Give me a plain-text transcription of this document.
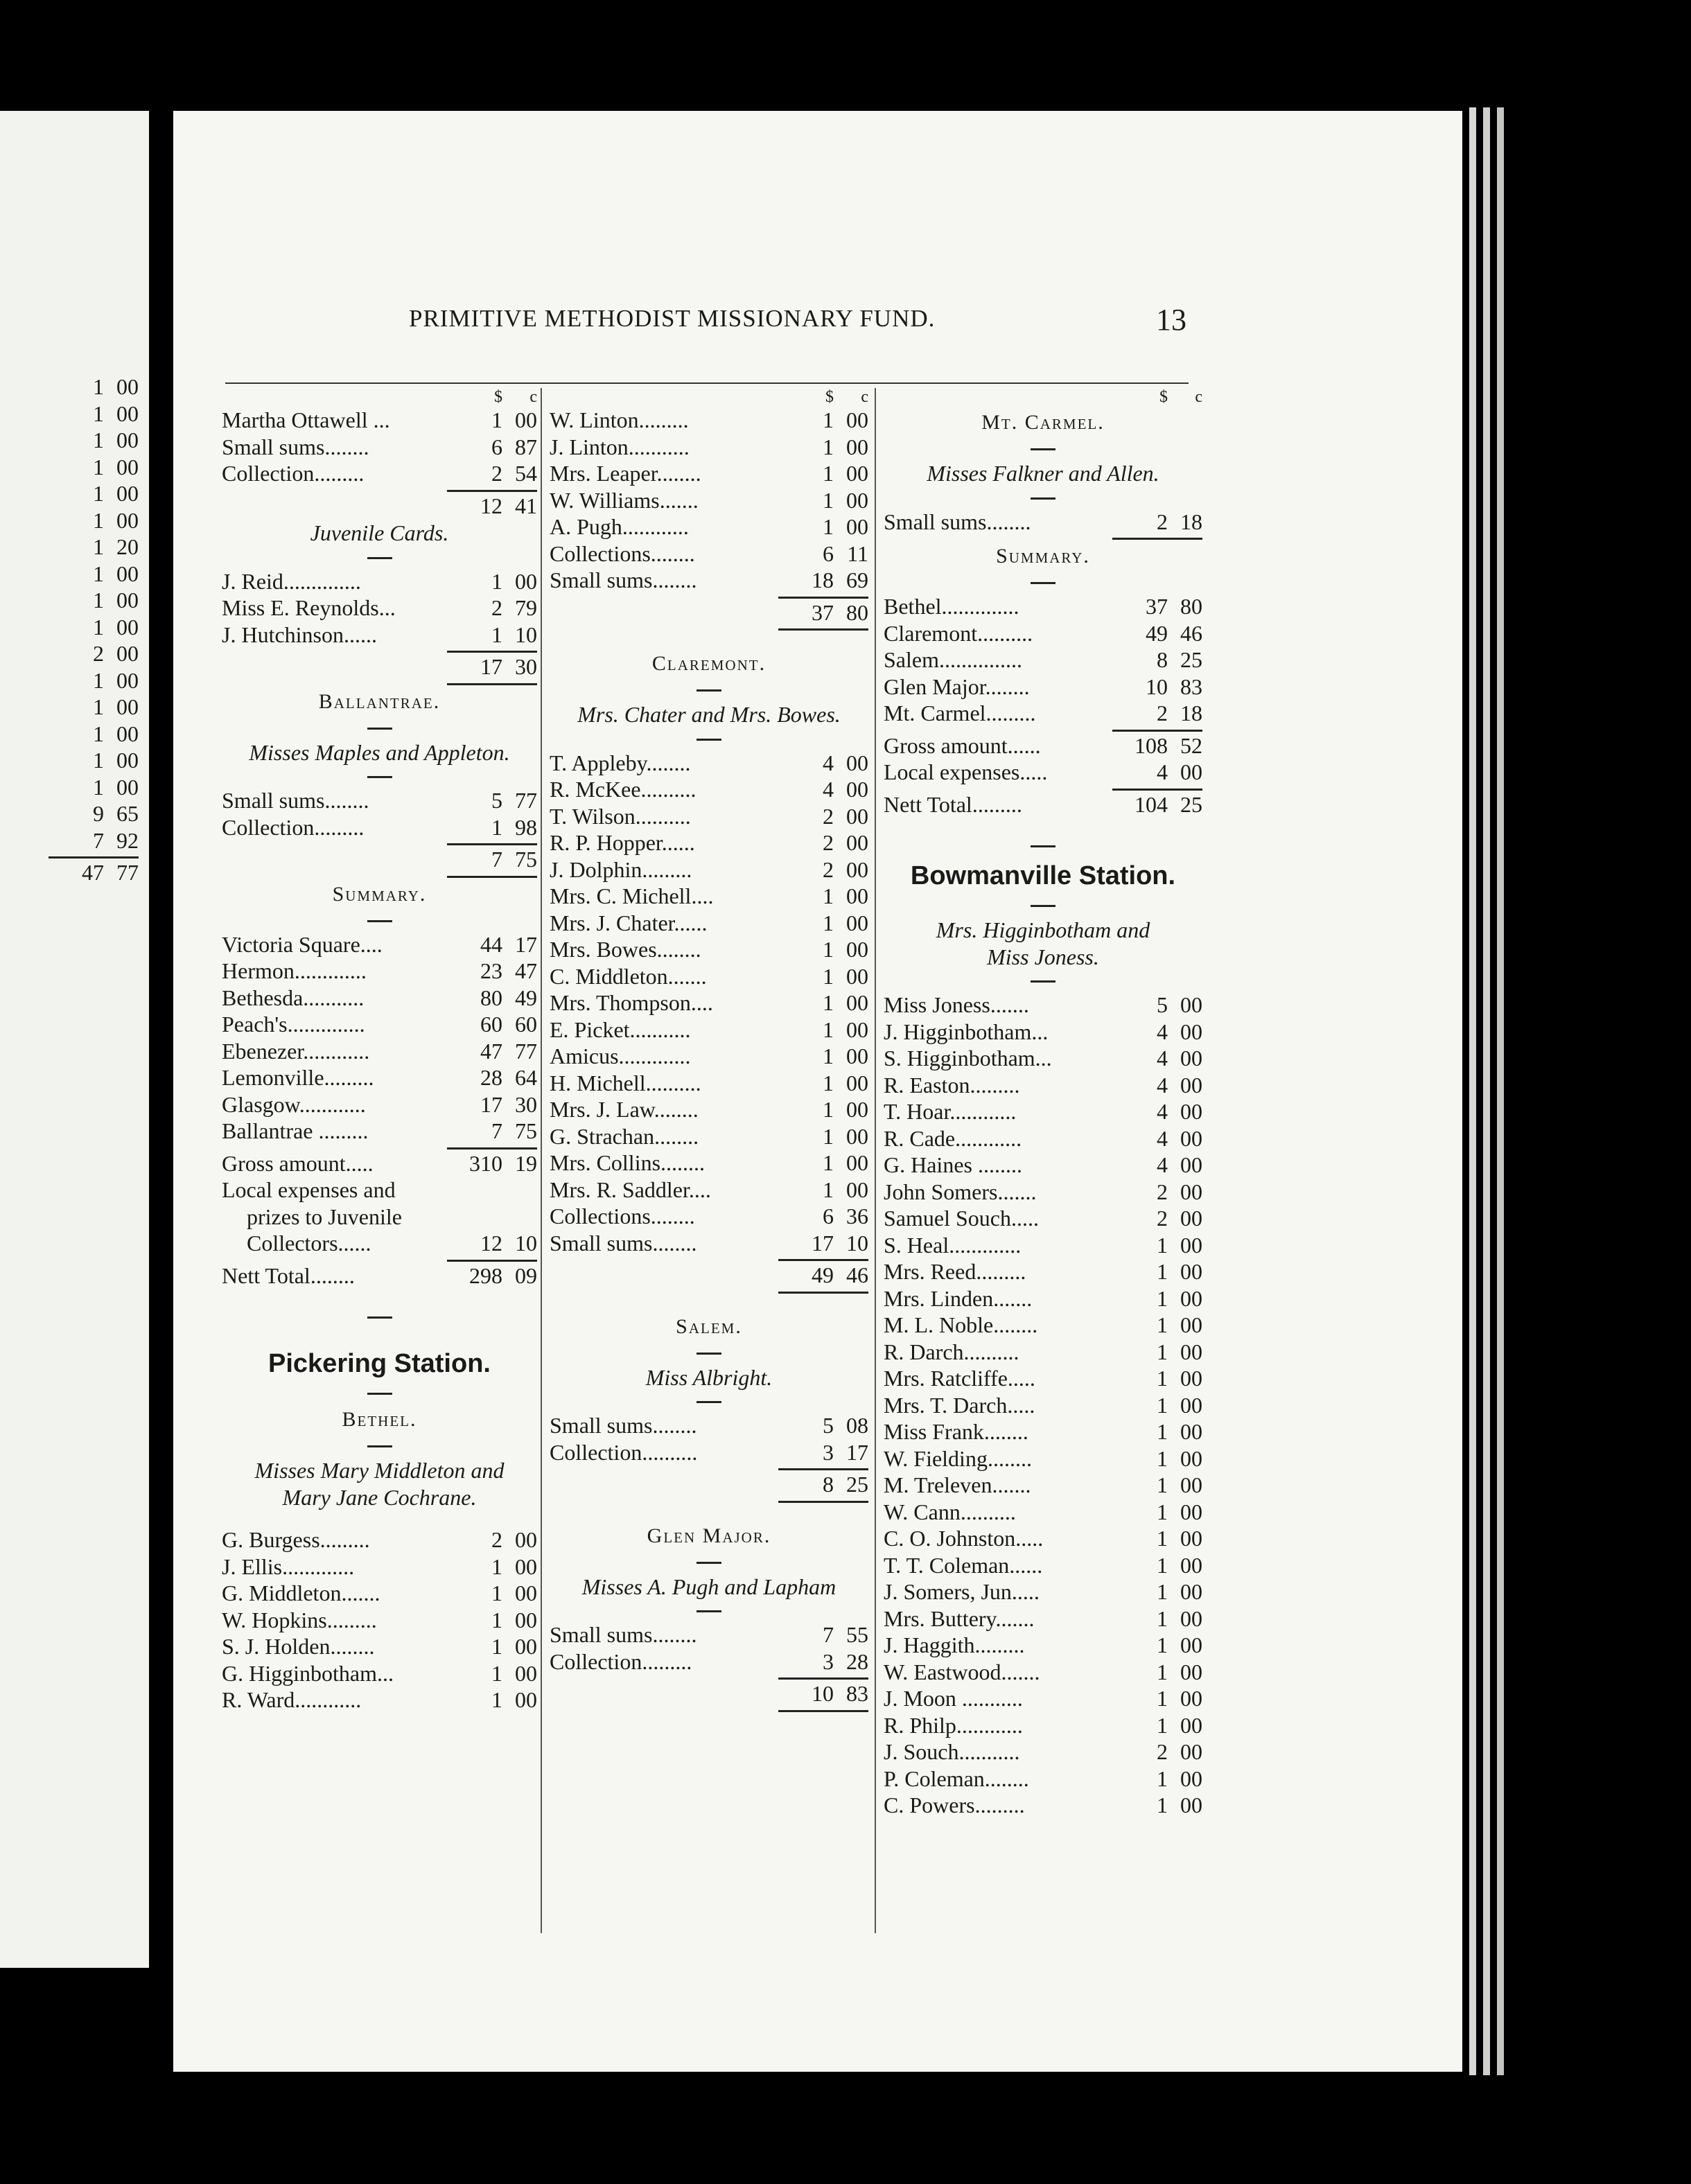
1 00
1 00
1 00
1 00
1 00
1 00
1 20
1 00
1 00
1 00
2 00
1 00
1 00
1 00
1 00
1 00
9 65
7 92
47 77
PRIMITIVE METHODIST MISSIONARY FUND.	13
$	c
Martha Ottawell ...	1 00
Small sums........	6 87
Collection.........	2 54
12 41
Juvenile Cards.
J. Reid..............	1 00
Miss E. Reynolds...	2 79
J. Hutchinson......	1 10
17 30
Ballantrae.
Misses Maples and Appleton.
Small sums........	5 77
Collection.........	1 98
7 75
Summary.
Victoria Square....	44 17
Hermon.............	23 47
Bethesda...........	80 49
Peach's..............	60 60
Ebenezer............	47 77
Lemonville.........	28 64
Glasgow............	17 30
Ballantrae .........	7 75
Gross amount.....	310 19
Local expenses and
prizes to Juvenile
Collectors......	12 10
Nett Total........	298 09
Pickering Station.
Bethel.
Misses Mary Middleton and
Mary Jane Cochrane.
G. Burgess.........	2 00
J. Ellis.............	1 00
G. Middleton.......	1 00
W. Hopkins.........	1 00
S. J. Holden........	1 00
G. Higginbotham...	1 00
R. Ward............	1 00
$	c
W. Linton.........	1 00
J. Linton...........	1 00
Mrs. Leaper........	1 00
W. Williams.......	1 00
A. Pugh............	1 00
Collections........	6 11
Small sums........	18 69
37 80
Claremont.
Mrs. Chater and Mrs. Bowes.
T. Appleby........	4 00
R. McKee..........	4 00
T. Wilson..........	2 00
R. P. Hopper......	2 00
J. Dolphin.........	2 00
Mrs. C. Michell....	1 00
Mrs. J. Chater......	1 00
Mrs. Bowes........	1 00
C. Middleton.......	1 00
Mrs. Thompson....	1 00
E. Picket...........	1 00
Amicus.............	1 00
H. Michell..........	1 00
Mrs. J. Law........	1 00
G. Strachan........	1 00
Mrs. Collins........	1 00
Mrs. R. Saddler....	1 00
Collections........	6 36
Small sums........	17 10
49 46
Salem.
Miss Albright.
Small sums........	5 08
Collection..........	3 17
8 25
Glen Major.
Misses A. Pugh and Lapham
Small sums........	7 55
Collection.........	3 28
10 83
$	c
Mt. Carmel.
Misses Falkner and Allen.
Small sums........	2 18
Summary.
Bethel..............	37 80
Claremont..........	49 46
Salem...............	8 25
Glen Major........	10 83
Mt. Carmel.........	2 18
Gross amount......	108 52
Local expenses.....	4 00
Nett Total.........	104 25
Bowmanville Station.
Mrs. Higginbotham and
Miss Joness.
Miss Joness.......	5 00
J. Higginbotham...	4 00
S. Higginbotham...	4 00
R. Easton.........	4 00
T. Hoar............	4 00
R. Cade............	4 00
G. Haines ........	4 00
John Somers.......	2 00
Samuel Souch.....	2 00
S. Heal.............	1 00
Mrs. Reed.........	1 00
Mrs. Linden.......	1 00
M. L. Noble........	1 00
R. Darch..........	1 00
Mrs. Ratcliffe.....	1 00
Mrs. T. Darch.....	1 00
Miss Frank........	1 00
W. Fielding........	1 00
M. Treleven.......	1 00
W. Cann..........	1 00
C. O. Johnston.....	1 00
T. T. Coleman......	1 00
J. Somers, Jun.....	1 00
Mrs. Buttery.......	1 00
J. Haggith.........	1 00
W. Eastwood.......	1 00
J. Moon ...........	1 00
R. Philp............	1 00
J. Souch...........	2 00
P. Coleman........	1 00
C. Powers.........	1 00
